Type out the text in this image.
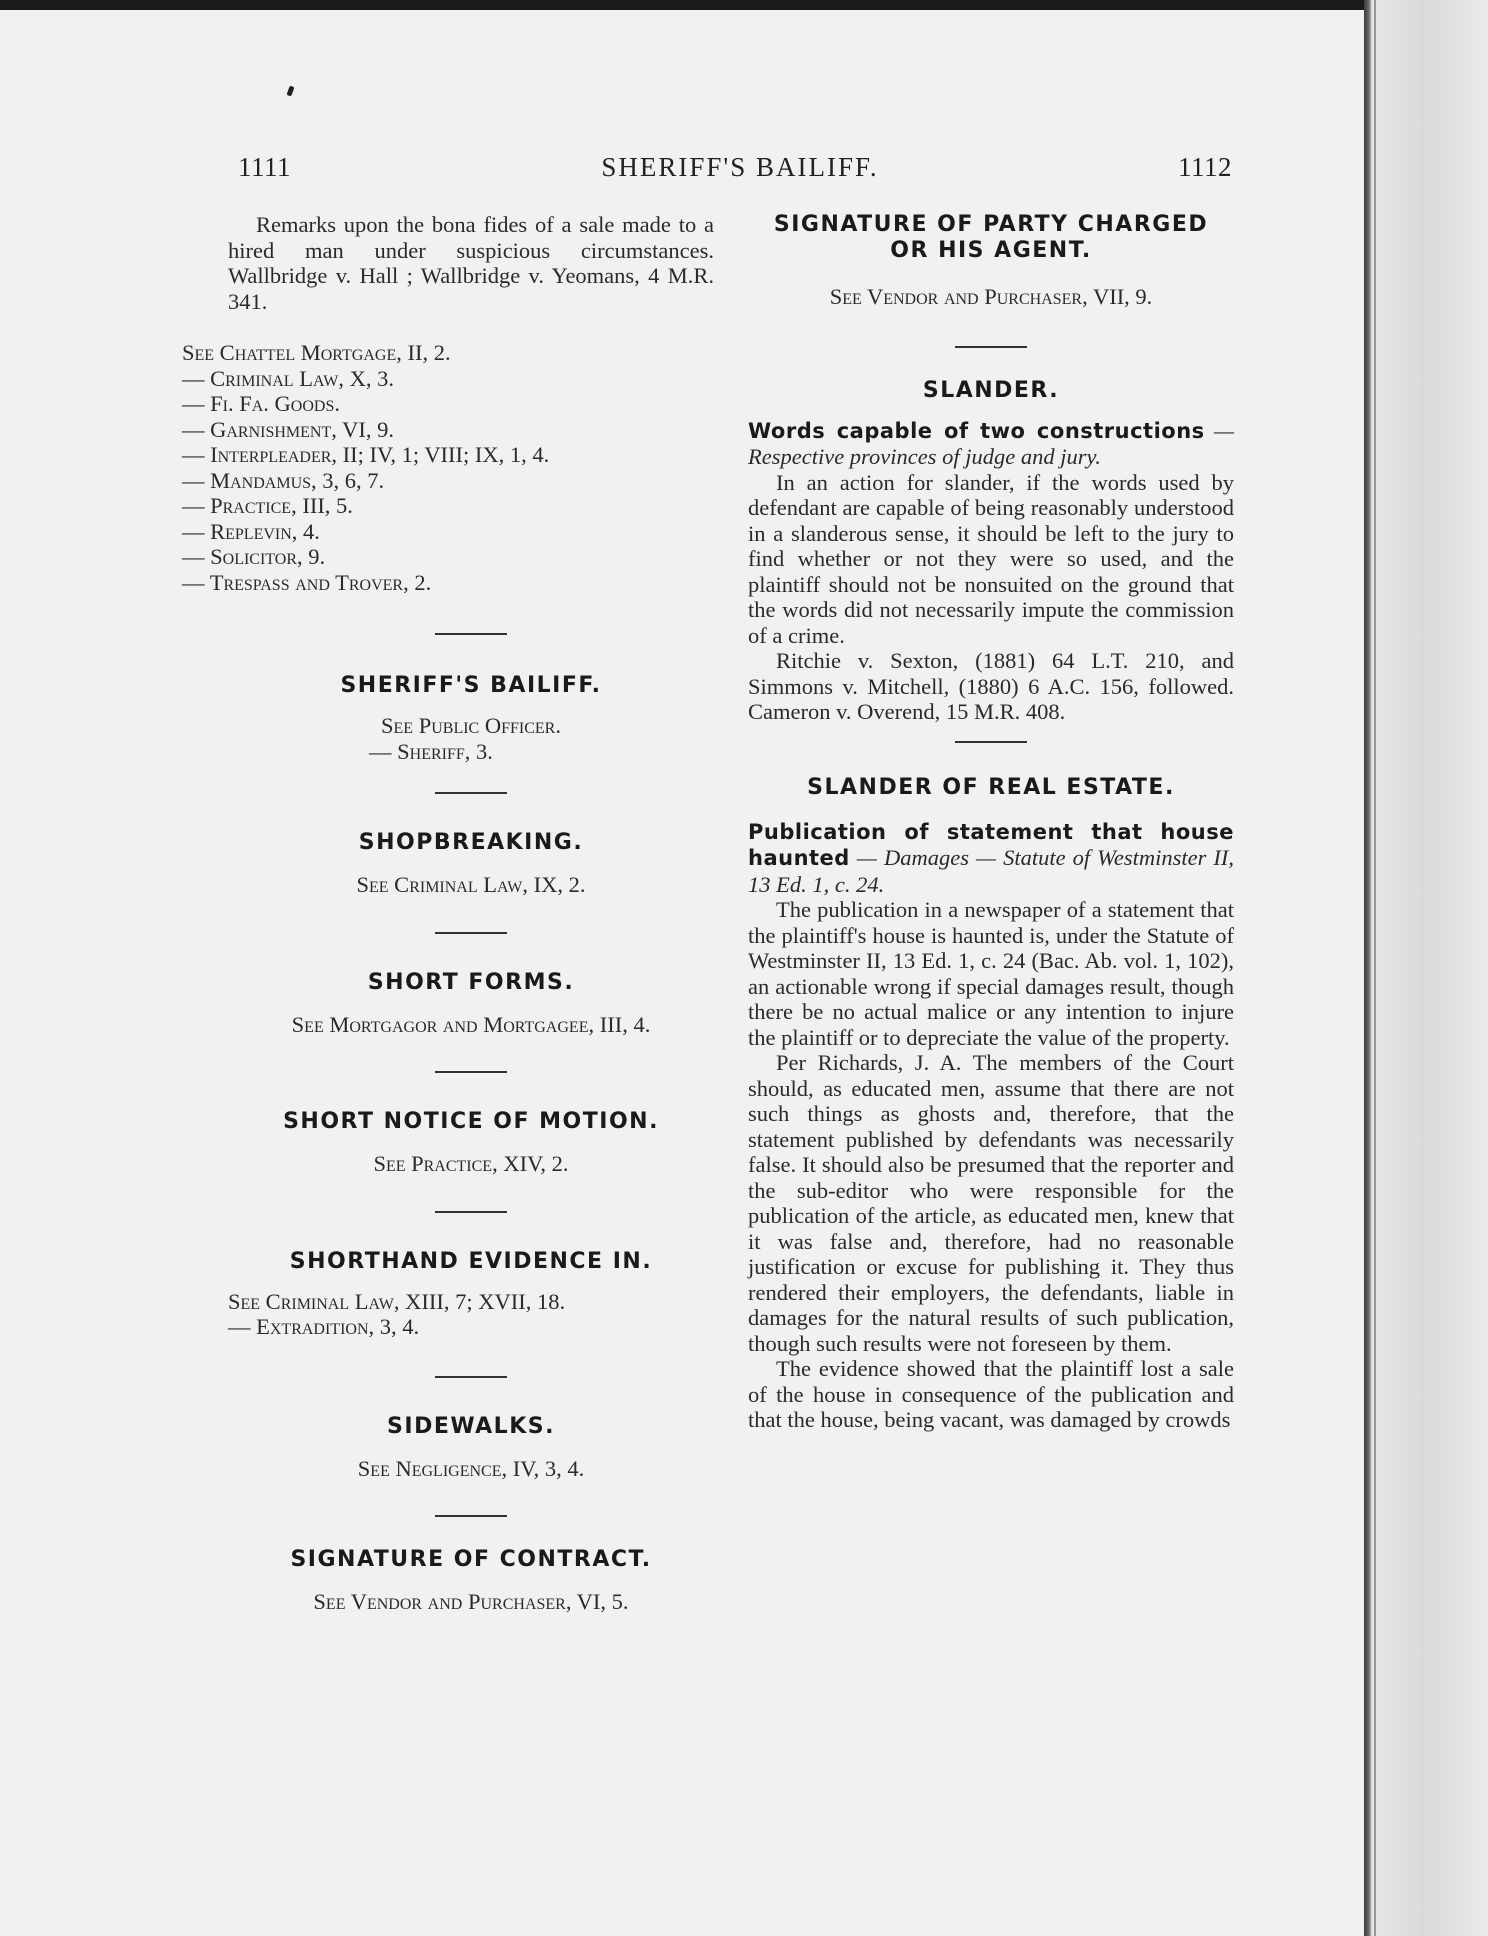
1111	SHERIFF'S BAILIFF.	1112

Remarks upon the bona fides of a sale made to a hired man under suspicious circumstances. Wallbridge v. Hall ; Wallbridge v. Yeomans, 4 M.R. 341.

See Chattel Mortgage, II, 2.
— Criminal Law, X, 3.
— Fi. Fa. Goods.
— Garnishment, VI, 9.
— Interpleader, II; IV, 1; VIII; IX, 1, 4.
— Mandamus, 3, 6, 7.
— Practice, III, 5.
— Replevin, 4.
— Solicitor, 9.
— Trespass and Trover, 2.
SHERIFF'S BAILIFF.
See Public Officer.
— Sheriff, 3.
SHOPBREAKING.
See Criminal Law, IX, 2.
SHORT FORMS.
See Mortgagor and Mortgagee, III, 4.
SHORT NOTICE OF MOTION.
See Practice, XIV, 2.
SHORTHAND EVIDENCE IN.
See Criminal Law, XIII, 7; XVII, 18.
— Extradition, 3, 4.
SIDEWALKS.
See Negligence, IV, 3, 4.
SIGNATURE OF CONTRACT.
See Vendor and Purchaser, VI, 5.
SIGNATURE OF PARTY CHARGED OR HIS AGENT.
See Vendor and Purchaser, VII, 9.
SLANDER.

Words capable of two constructions — Respective provinces of judge and jury.

In an action for slander, if the words used by defendant are capable of being reasonably understood in a slanderous sense, it should be left to the jury to find whether or not they were so used, and the plaintiff should not be nonsuited on the ground that the words did not necessarily impute the commission of a crime.

Ritchie v. Sexton, (1881) 64 L.T. 210, and Simmons v. Mitchell, (1880) 6 A.C. 156, followed. Cameron v. Overend, 15 M.R. 408.

SLANDER OF REAL ESTATE.

Publication of statement that house haunted — Damages — Statute of Westminster II, 13 Ed. 1, c. 24.

The publication in a newspaper of a statement that the plaintiff's house is haunted is, under the Statute of Westminster II, 13 Ed. 1, c. 24 (Bac. Ab. vol. 1, 102), an actionable wrong if special damages result, though there be no actual malice or any intention to injure the plaintiff or to depreciate the value of the property.

Per Richards, J. A. The members of the Court should, as educated men, assume that there are not such things as ghosts and, therefore, that the statement published by defendants was necessarily false. It should also be presumed that the reporter and the sub-editor who were responsible for the publication of the article, as educated men, knew that it was false and, therefore, had no reasonable justification or excuse for publishing it. They thus rendered their employers, the defendants, liable in damages for the natural results of such publication, though such results were not foreseen by them.

The evidence showed that the plaintiff lost a sale of the house in consequence of the publication and that the house, being vacant, was damaged by crowds
